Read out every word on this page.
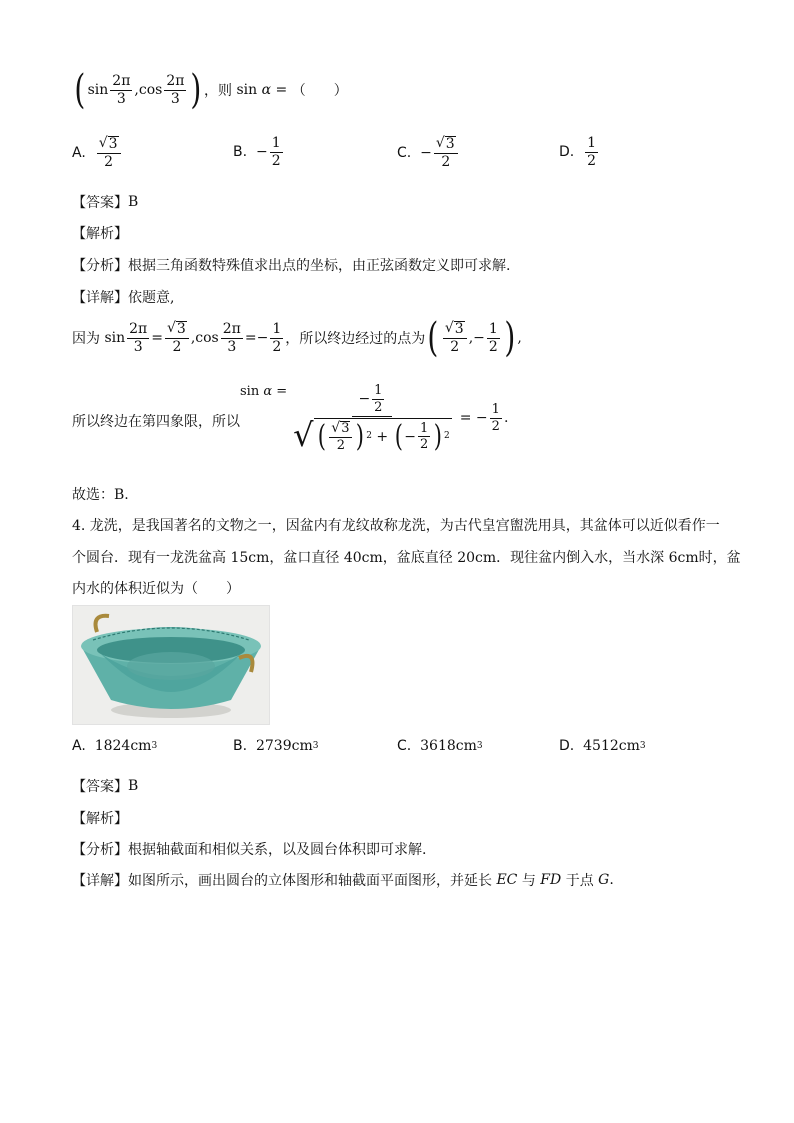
( $\sin \frac{2\pi}{3} ,\cos \frac{2\pi}{3}$ ) ，则 sin α = （　　）
A.
$\frac{√ 3}{2}$	B.
− $\frac{1}{2}$	C.
− $\frac{√ 3}{2}$	D.
$\frac{1}{2}$
【答案】 B
【解析】
【分析】 根据三角函数特殊值求出点的坐标，由正弦函数定义即可求解.
【详解】 依题意,
因为 $\sin \frac{2\pi}{3} = \frac{√ 3}{2} ,\cos \frac{2\pi}{3} =- \frac{1}{2}$ ，所以终边经过的点为 ( $\frac{√ 3}{2}$ ,− $\frac{1}{2}$ ) ,
所以终边在第四象限，所以
sin α =	− $\frac{1}{2}$
√ ( $\frac{√ 3}{2}$ ) 2 + ( − $\frac{1}{2}$ ) 2
= − $\frac{1}{2}$ .
故选：B.
4. 龙洗，是我国著名的文物之一，因盆内有龙纹故称龙洗，为古代皇宫盥洗用具，其盆体可以近似看作一
个圆台．现有一龙洗盆高 15cm，盆口直径 40cm，盆底直径 20cm．现往盆内倒入水，当水深 6cm时，盆
内水的体积近似为（　　）
A.
1824cm 3	B.
2739cm 3	C.
3618cm 3	D.
4512cm 3
【答案】 B
【解析】
【分析】 根据轴截面和相似关系，以及圆台体积即可求解.
【详解】 如图所示，画出圆台的立体图形和轴截面平面图形，并延长
EC
与
FD
于点
G .
